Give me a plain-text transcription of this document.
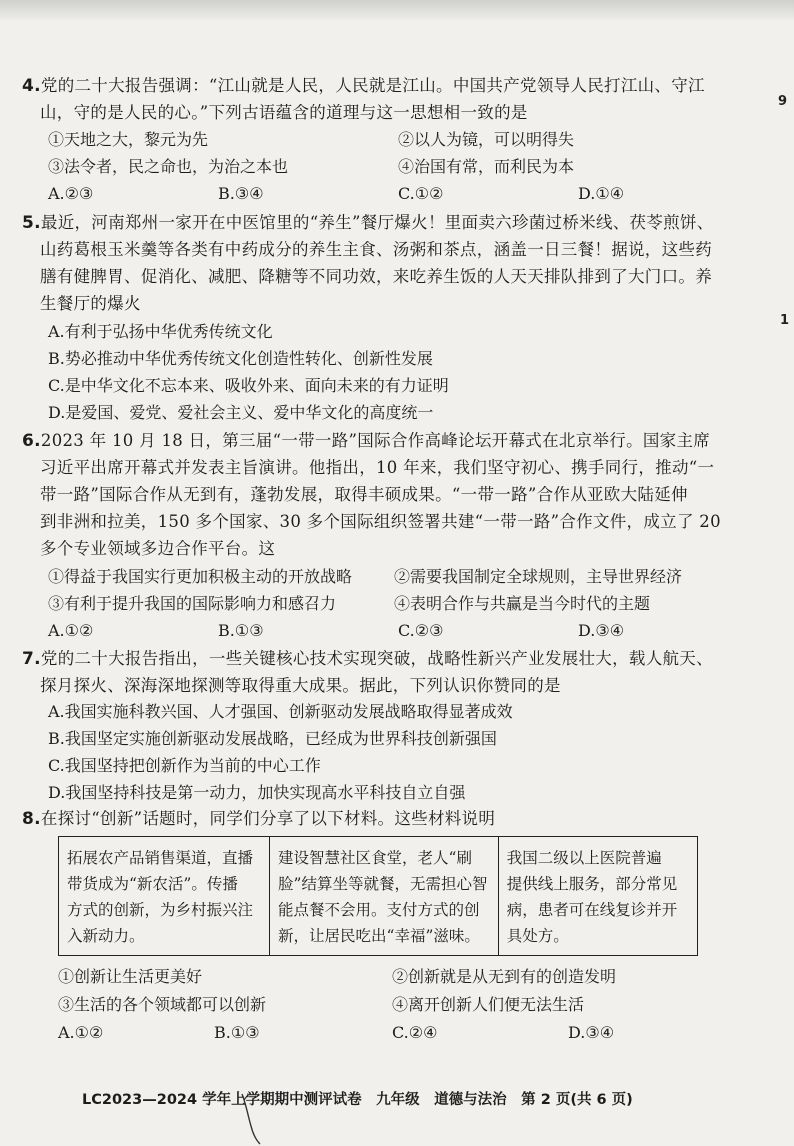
9
1
4.党的二十大报告强调：“江山就是人民，人民就是江山。中国共产党领导人民打江山、守江
山，守的是人民的心。”下列古语蕴含的道理与这一思想相一致的是
①天地之大，黎元为先	②以人为镜，可以明得失
③法令者，民之命也，为治之本也	④治国有常，而利民为本
A.②③	B.③④	C.①②	D.①④
5.最近，河南郑州一家开在中医馆里的“养生”餐厅爆火！里面卖六珍菌过桥米线、茯苓煎饼、
山药葛根玉米羹等各类有中药成分的养生主食、汤粥和茶点，涵盖一日三餐！据说，这些药
膳有健脾胃、促消化、减肥、降糖等不同功效，来吃养生饭的人天天排队排到了大门口。养
生餐厅的爆火
A.有利于弘扬中华优秀传统文化
B.势必推动中华优秀传统文化创造性转化、创新性发展
C.是中华文化不忘本来、吸收外来、面向未来的有力证明
D.是爱国、爱党、爱社会主义、爱中华文化的高度统一
6.2023 年 10 月 18 日，第三届“一带一路”国际合作高峰论坛开幕式在北京举行。国家主席
习近平出席开幕式并发表主旨演讲。他指出，10 年来，我们坚守初心、携手同行，推动“一
带一路”国际合作从无到有，蓬勃发展，取得丰硕成果。“一带一路”合作从亚欧大陆延伸
到非洲和拉美，150 多个国家、30 多个国际组织签署共建“一带一路”合作文件，成立了 20
多个专业领域多边合作平台。这
①得益于我国实行更加积极主动的开放战略	②需要我国制定全球规则，主导世界经济
③有利于提升我国的国际影响力和感召力	④表明合作与共赢是当今时代的主题
A.①②	B.①③	C.②③	D.③④
7.党的二十大报告指出，一些关键核心技术实现突破，战略性新兴产业发展壮大，载人航天、
探月探火、深海深地探测等取得重大成果。据此，下列认识你赞同的是
A.我国实施科教兴国、人才强国、创新驱动发展战略取得显著成效
B.我国坚定实施创新驱动发展战略，已经成为世界科技创新强国
C.我国坚持把创新作为当前的中心工作
D.我国坚持科技是第一动力，加快实现高水平科技自立自强
8.在探讨“创新”话题时，同学们分享了以下材料。这些材料说明
拓展农产品销售渠道，直播
带货成为“新农活”。传播
方式的创新，为乡村振兴注
入新动力。

建设智慧社区食堂，老人“刷
脸”结算坐等就餐，无需担心智
能点餐不会用。支付方式的创
新，让居民吃出“幸福”滋味。

我国二级以上医院普遍
提供线上服务，部分常见
病，患者可在线复诊并开
具处方。
①创新让生活更美好	②创新就是从无到有的创造发明
③生活的各个领域都可以创新	④离开创新人们便无法生活
A.①②	B.①③	C.②④	D.③④
LC2023—2024 学年上学期期中测评试卷　九年级　道德与法治　第 2 页(共 6 页)
